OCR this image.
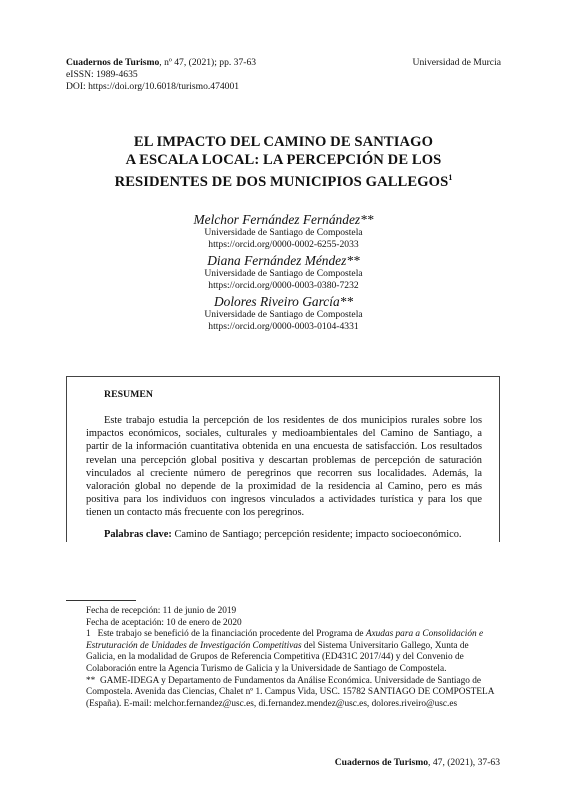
Cuadernos de Turismo, nº 47, (2021); pp. 37-63
eISSN: 1989-4635
DOI: https://doi.org/10.6018/turismo.474001
Universidad de Murcia
EL IMPACTO DEL CAMINO DE SANTIAGO
A ESCALA LOCAL: LA PERCEPCIÓN DE LOS
RESIDENTES DE DOS MUNICIPIOS GALLEGOS$^1$
Melchor Fernández Fernández**
Universidade de Santiago de Compostela
https://orcid.org/0000-0002-6255-2033
Diana Fernández Méndez**
Universidade de Santiago de Compostela
https://orcid.org/0000-0003-0380-7232
Dolores Riveiro García**
Universidade de Santiago de Compostela
https://orcid.org/0000-0003-0104-4331
RESUMEN
Este trabajo estudia la percepción de los residentes de dos municipios rurales sobre los impactos económicos, sociales, culturales y medioambientales del Camino de Santiago, a partir de la información cuantitativa obtenida en una encuesta de satisfacción. Los resultados revelan una percepción global positiva y descartan problemas de percepción de saturación vinculados al creciente número de peregrinos que recorren sus localidades. Además, la valoración global no depende de la proximidad de la residencia al Camino, pero es más positiva para los individuos con ingresos vinculados a actividades turística y para los que tienen un contacto más frecuente con los peregrinos.
Palabras clave: Camino de Santiago; percepción residente; impacto socioeconómico.
Fecha de recepción: 11 de junio de 2019
Fecha de aceptación: 10 de enero de 2020
1 Este trabajo se benefició de la financiación procedente del Programa de Axudas para a Consolidación e Estruturación de Unidades de Investigación Competitivas del Sistema Universitario Gallego, Xunta de Galicia, en la modalidad de Grupos de Referencia Competitiva (ED431C 2017/44) y del Convenio de Colaboración entre la Agencia Turismo de Galicia y la Universidade de Santiago de Compostela.
** GAME-IDEGA y Departamento de Fundamentos da Análise Económica. Universidade de Santiago de Compostela. Avenida das Ciencias, Chalet nº 1. Campus Vida, USC. 15782 SANTIAGO DE COMPOSTELA (España). E-mail: melchor.fernandez@usc.es, di.fernandez.mendez@usc.es, dolores.riveiro@usc.es
Cuadernos de Turismo, 47, (2021), 37-63
